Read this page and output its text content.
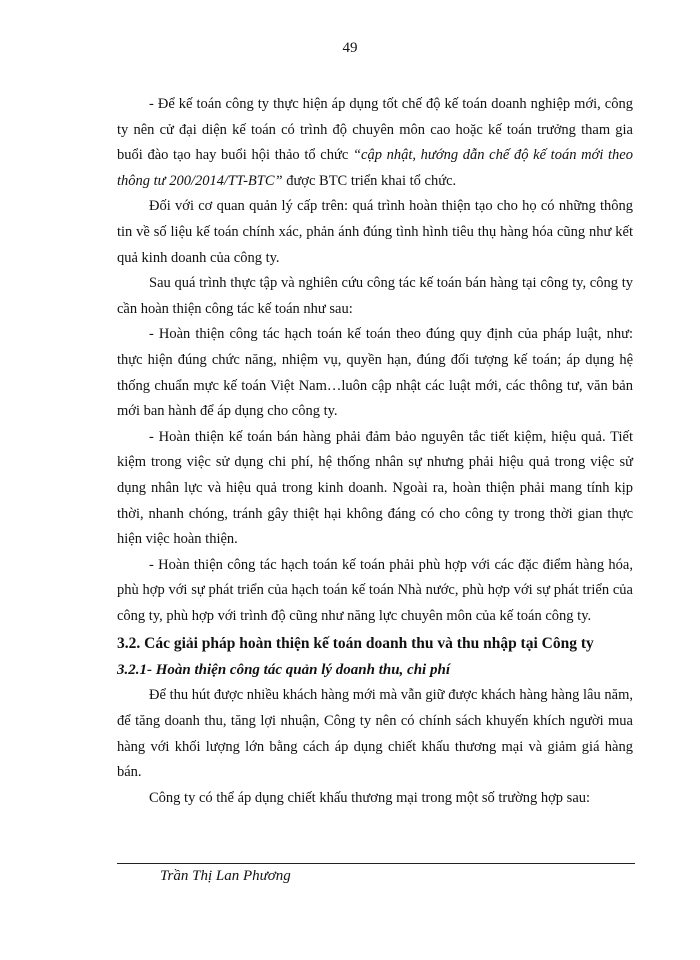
49

- Để kế toán công ty thực hiện áp dụng tốt chế độ kế toán doanh nghiệp mới, công ty nên cử đại diện kế toán có trình độ chuyên môn cao hoặc kế toán trưởng tham gia buổi đào tạo hay buổi hội thảo tổ chức “cập nhật, hướng dẫn chế độ kế toán mới theo thông tư 200/2014/TT-BTC” được BTC triển khai tổ chức.

Đối với cơ quan quản lý cấp trên: quá trình hoàn thiện tạo cho họ có những thông tin về số liệu kế toán chính xác, phản ánh đúng tình hình tiêu thụ hàng hóa cũng như kết quả kinh doanh của công ty.

Sau quá trình thực tập và nghiên cứu công tác kế toán bán hàng tại công ty, công ty cần hoàn thiện công tác kế toán như sau:

- Hoàn thiện công tác hạch toán kế toán theo đúng quy định của pháp luật, như: thực hiện đúng chức năng, nhiệm vụ, quyền hạn, đúng đối tượng kế toán; áp dụng hệ thống chuẩn mực kế toán Việt Nam…luôn cập nhật các luật mới, các thông tư, văn bản mới ban hành để áp dụng cho công ty.

- Hoàn thiện kế toán bán hàng phải đảm bảo nguyên tắc tiết kiệm, hiệu quả. Tiết kiệm trong việc sử dụng chi phí, hệ thống nhân sự nhưng phải hiệu quả trong việc sử dụng nhân lực và hiệu quả trong kinh doanh. Ngoài ra, hoàn thiện phải mang tính kịp thời, nhanh chóng, tránh gây thiệt hại không đáng có cho công ty trong thời gian thực hiện việc hoàn thiện.

- Hoàn thiện công tác hạch toán kế toán phải phù hợp với các đặc điểm hàng hóa, phù hợp với sự phát triển của hạch toán kế toán Nhà nước, phù hợp với sự phát triển của công ty, phù hợp với trình độ cũng như năng lực chuyên môn của kế toán công ty.

3.2. Các giải pháp hoàn thiện kế toán doanh thu và thu nhập tại Công ty

3.2.1- Hoàn thiện công tác quản lý doanh thu, chi phí

Để thu hút được nhiều khách hàng mới mà vẫn giữ được khách hàng hàng lâu năm, để tăng doanh thu, tăng lợi nhuận, Công ty nên có chính sách khuyến khích người mua hàng với khối lượng lớn bằng cách áp dụng chiết khấu thương mại và giảm giá hàng bán.

Công ty có thể áp dụng chiết khấu thương mại trong một số trường hợp sau:

Trần Thị Lan Phương
